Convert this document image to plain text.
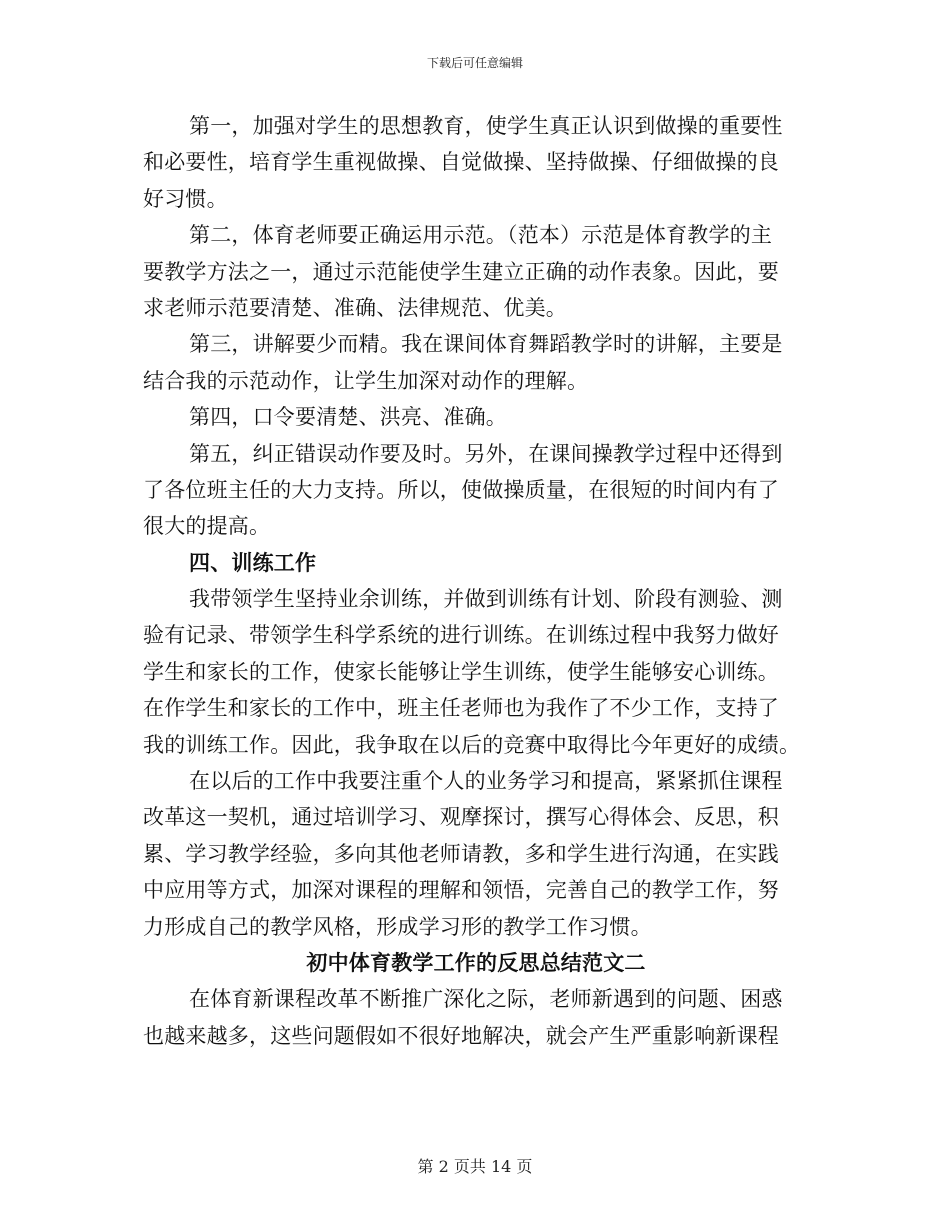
下载后可任意编辑
第一，加强对学生的思想教育，使学生真正认识到做操的重要性
和必要性，培育学生重视做操、自觉做操、坚持做操、仔细做操的良
好习惯。
第二，体育老师要正确运用示范。（范本）示范是体育教学的主
要教学方法之一，通过示范能使学生建立正确的动作表象。因此，要
求老师示范要清楚、准确、法律规范、优美。
第三，讲解要少而精。我在课间体育舞蹈教学时的讲解，主要是
结合我的示范动作，让学生加深对动作的理解。
第四，口令要清楚、洪亮、准确。
第五，纠正错误动作要及时。另外，在课间操教学过程中还得到
了各位班主任的大力支持。所以，使做操质量，在很短的时间内有了
很大的提高。
四、训练工作
我带领学生坚持业余训练，并做到训练有计划、阶段有测验、测
验有记录、带领学生科学系统的进行训练。在训练过程中我努力做好
学生和家长的工作，使家长能够让学生训练，使学生能够安心训练。
在作学生和家长的工作中，班主任老师也为我作了不少工作，支持了
我的训练工作。因此，我争取在以后的竞赛中取得比今年更好的成绩。
在以后的工作中我要注重个人的业务学习和提高，紧紧抓住课程
改革这一契机，通过培训学习、观摩探讨，撰写心得体会、反思，积
累、学习教学经验，多向其他老师请教，多和学生进行沟通，在实践
中应用等方式，加深对课程的理解和领悟，完善自己的教学工作，努
力形成自己的教学风格，形成学习形的教学工作习惯。
初中体育教学工作的反思总结范文二
在体育新课程改革不断推广深化之际，老师新遇到的问题、困惑
也越来越多，这些问题假如不很好地解决，就会产生严重影响新课程
第 2 页共 14 页
